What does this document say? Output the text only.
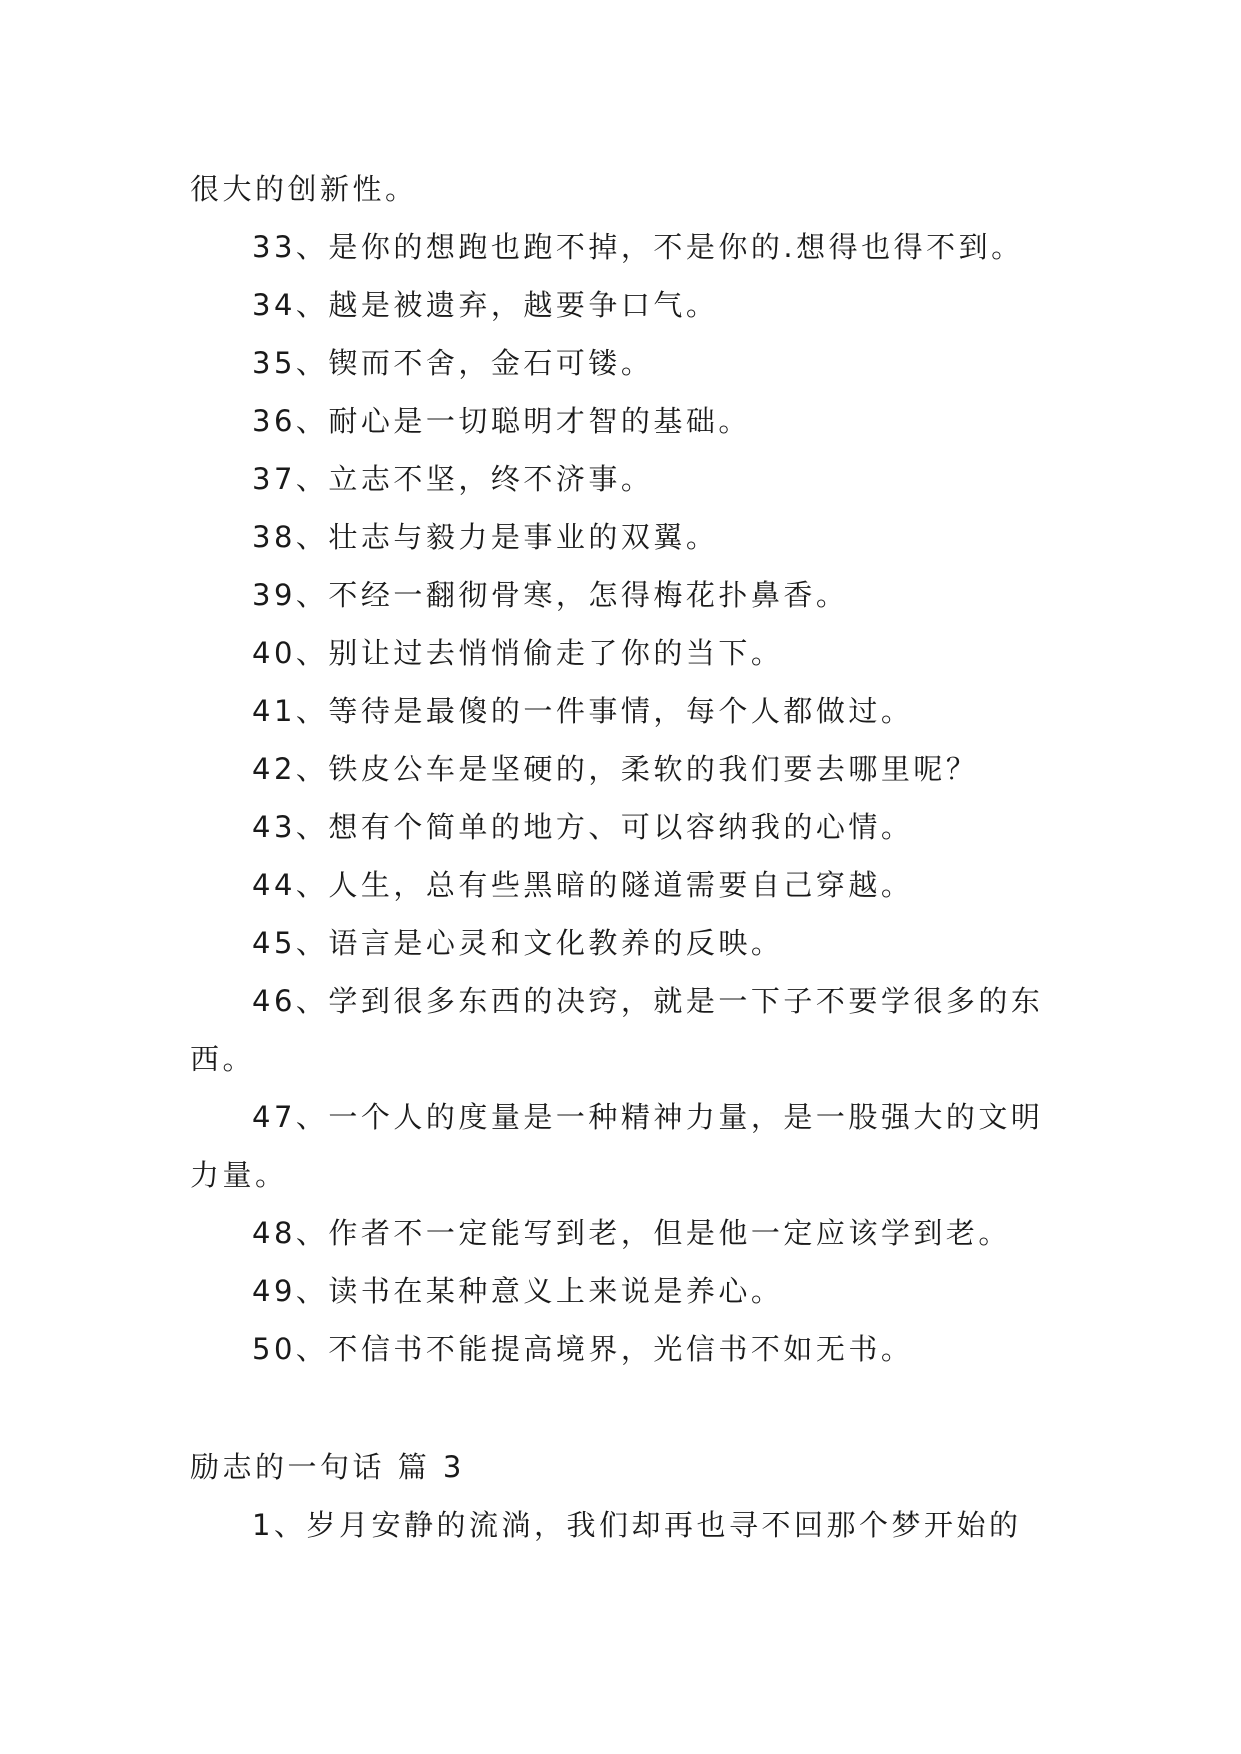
很大的创新性。

33、是你的想跑也跑不掉，不是你的.想得也得不到。

34、越是被遗弃，越要争口气。

35、锲而不舍，金石可镂。

36、耐心是一切聪明才智的基础。

37、立志不坚，终不济事。

38、壮志与毅力是事业的双翼。

39、不经一翻彻骨寒，怎得梅花扑鼻香。

40、别让过去悄悄偷走了你的当下。

41、等待是最傻的一件事情，每个人都做过。

42、铁皮公车是坚硬的，柔软的我们要去哪里呢？

43、想有个简单的地方、可以容纳我的心情。

44、人生，总有些黑暗的隧道需要自己穿越。

45、语言是心灵和文化教养的反映。

46、学到很多东西的决窍，就是一下子不要学很多的东西。

47、一个人的度量是一种精神力量，是一股强大的文明力量。

48、作者不一定能写到老，但是他一定应该学到老。

49、读书在某种意义上来说是养心。

50、不信书不能提高境界，光信书不如无书。

励志的一句话 篇 3

1、岁月安静的流淌，我们却再也寻不回那个梦开始的
